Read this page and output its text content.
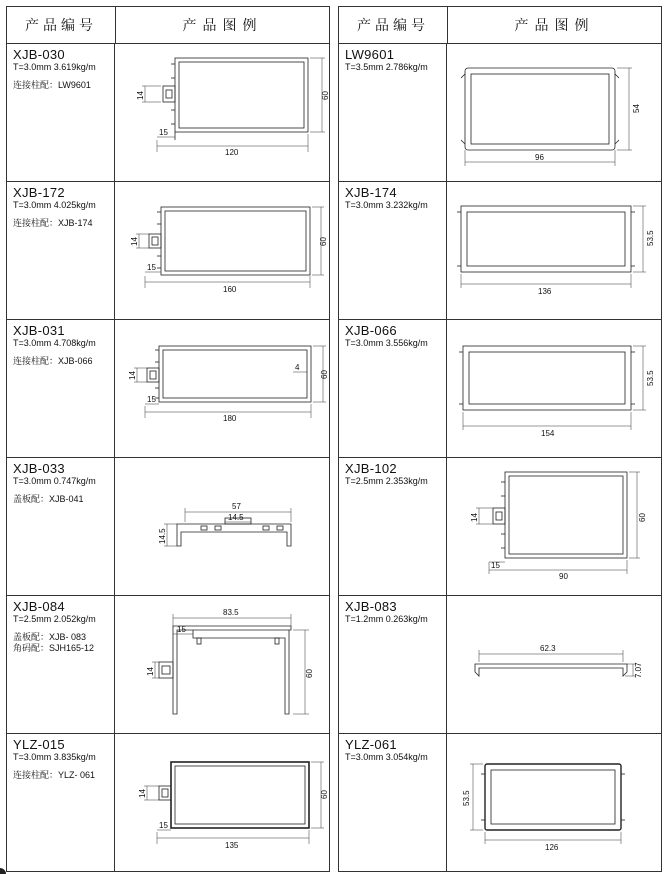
产品编号	产品图例
XJB-030
T=3.0mm 3.619kg/m
连接柱配：LW9601
120
15
60
14
XJB-172
T=3.0mm 4.025kg/m
连接柱配：XJB-174
160
15
60
14
XJB-031
T=3.0mm 4.708kg/m
连接柱配：XJB-066
4
180
15
60
14
XJB-033
T=3.0mm 0.747kg/m
盖板配：XJB-041
57
14.5
14.5
XJB-084
T=2.5mm 2.052kg/m
盖板配：XJB- 083
角码配：SJH165-12
83.5
15
60
14
YLZ-015
T=3.0mm 3.835kg/m
连接柱配：YLZ- 061
135
15
60
14
产品编号	产品图例
LW9601
T=3.5mm 2.786kg/m
96
54
XJB-174
T=3.0mm 3.232kg/m
136
53.5
XJB-066
T=3.0mm 3.556kg/m
154
53.5
XJB-102
T=2.5mm 2.353kg/m
90
15
60
14
XJB-083
T=1.2mm 0.263kg/m
62.3
7.07
YLZ-061
T=3.0mm 3.054kg/m
126
53.5
